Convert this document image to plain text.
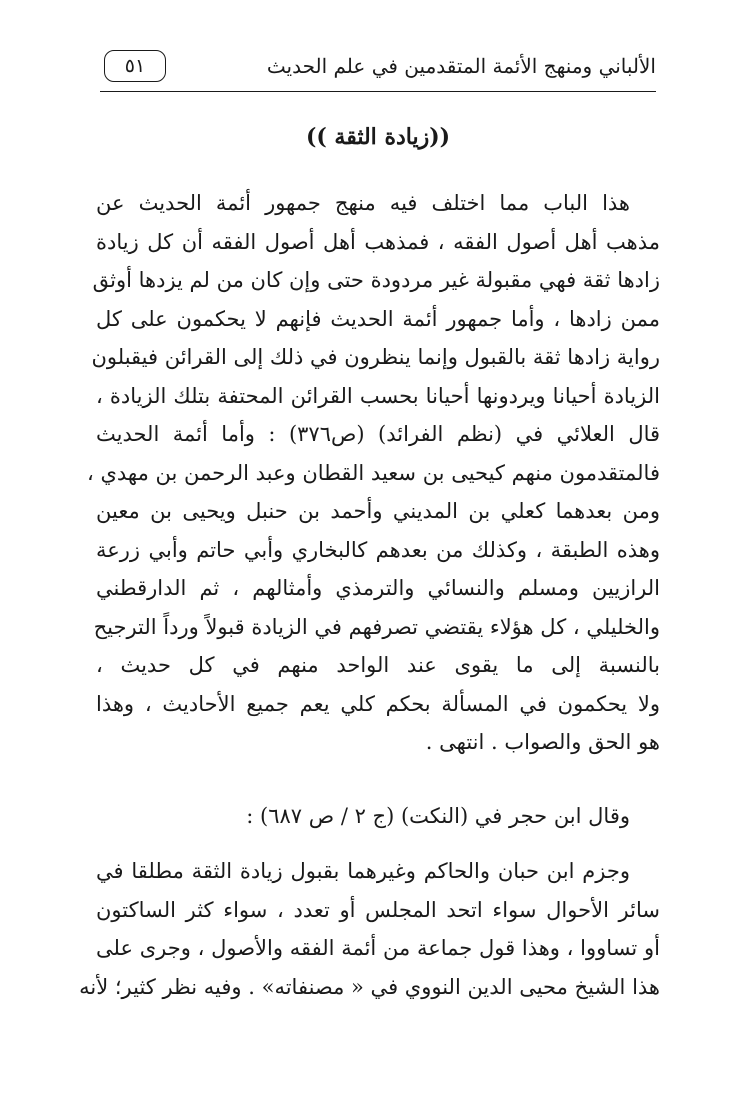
الألباني ومنهج الأئمة المتقدمين في علم الحديث
٥١
((زيادة الثقة ))
هذا الباب مما اختلف فيه منهج جمهور أئمة الحديث عن
مذهب أهل أصول الفقه ، فمذهب أهل أصول الفقه أن كل زيادة
زادها ثقة فهي مقبولة غير مردودة حتى وإن كان من لم يزدها أوثق
ممن زادها ، وأما جمهور أئمة الحديث فإنهم لا يحكمون على كل
رواية زادها ثقة بالقبول وإنما ينظرون في ذلك إلى القرائن فيقبلون
الزيادة أحيانا ويردونها أحيانا بحسب القرائن المحتفة بتلك الزيادة ،
قال العلائي في (نظم الفرائد) (ص٣٧٦) : وأما أئمة الحديث
فالمتقدمون منهم كيحيى بن سعيد القطان وعبد الرحمن بن مهدي ،
ومن بعدهما كعلي بن المديني وأحمد بن حنبل ويحيى بن معين
وهذه الطبقة ، وكذلك من بعدهم كالبخاري وأبي حاتم وأبي زرعة
الرازيين ومسلم والنسائي والترمذي وأمثالهم ، ثم الدارقطني
والخليلي ، كل هؤلاء يقتضي تصرفهم في الزيادة قبولاً ورداً الترجيح
بالنسبة إلى ما يقوى عند الواحد منهم في كل حديث ،
ولا يحكمون في المسألة بحكم كلي يعم جميع الأحاديث ، وهذا
هو الحق والصواب . انتهى .
وقال ابن حجر في (النكت) (ج ٢ / ص ٦٨٧) :
وجزم ابن حبان والحاكم وغيرهما بقبول زيادة الثقة مطلقا في
سائر الأحوال سواء اتحد المجلس أو تعدد ، سواء كثر الساكتون
أو تساووا ، وهذا قول جماعة من أئمة الفقه والأصول ، وجرى على
هذا الشيخ محيى الدين النووي في « مصنفاته» . وفيه نظر كثير؛ لأنه
